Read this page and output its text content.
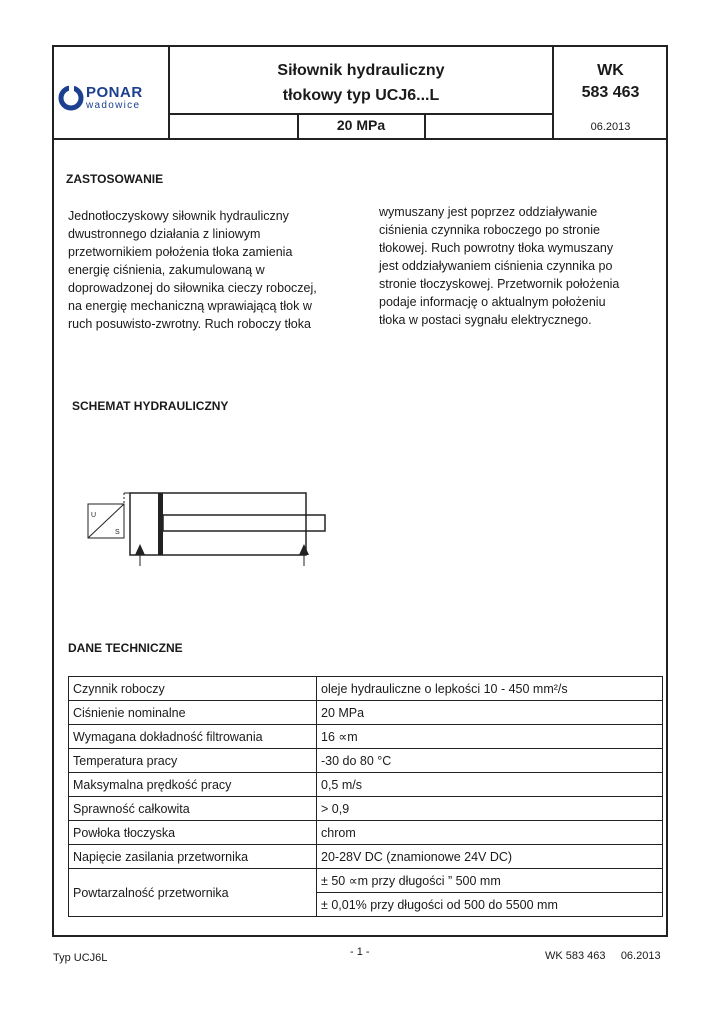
PONAR
wadowice
Siłownik hydrauliczny
tłokowy typ UCJ6...L
20 MPa
WK
583 463
06.2013
ZASTOSOWANIE
Jednotłoczyskowy siłownik hydrauliczny
dwustronnego działania z liniowym
przetwornikiem położenia tłoka zamienia
energię ciśnienia, zakumulowaną w
doprowadzonej do siłownika cieczy roboczej,
na energię mechaniczną wprawiającą tłok w
ruch posuwisto-zwrotny. Ruch roboczy tłoka
wymuszany jest poprzez oddziaływanie
ciśnienia czynnika roboczego po stronie
tłokowej. Ruch powrotny tłoka wymuszany
jest oddziaływaniem ciśnienia czynnika po
stronie tłoczyskowej. Przetwornik położenia
podaje informację o aktualnym położeniu
tłoka w postaci sygnału elektrycznego.
SCHEMAT HYDRAULICZNY
U
S
DANE TECHNICZNE
Czynnik roboczy	oleje hydrauliczne o lepkości 10 - 450 mm²/s
Ciśnienie nominalne	20 MPa
Wymagana dokładność filtrowania	16 ∝m
Temperatura pracy	-30 do 80 °C
Maksymalna prędkość pracy	0,5 m/s
Sprawność całkowita	> 0,9
Powłoka tłoczyska	chrom
Napięcie zasilania przetwornika	20-28V DC (znamionowe 24V DC)
Powtarzalność przetwornika	± 50 ∝m przy długości ” 500 mm
	± 0,01% przy długości od 500 do 5500 mm
Typ UCJ6L	- 1 -	WK 583 463     06.2013
